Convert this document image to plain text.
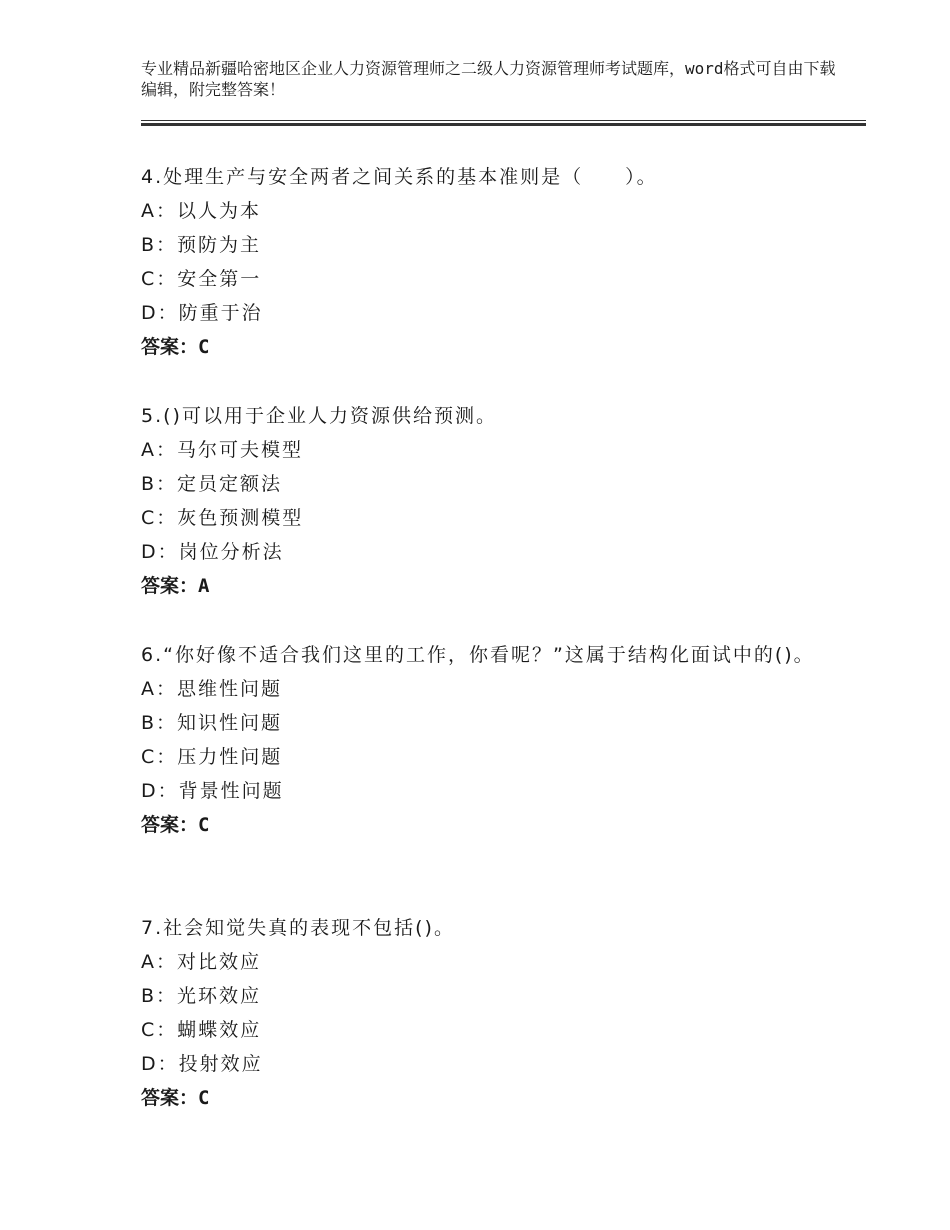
专业精品新疆哈密地区企业人力资源管理师之二级人力资源管理师考试题库，word格式可自由下载编辑，附完整答案！
4.处理生产与安全两者之间关系的基本准则是（　　）。
A：以人为本
B：预防为主
C：安全第一
D：防重于治
答案：C
5.()可以用于企业人力资源供给预测。
A：马尔可夫模型
B：定员定额法
C：灰色预测模型
D：岗位分析法
答案：A
6.“你好像不适合我们这里的工作，你看呢？”这属于结构化面试中的()。
A：思维性问题
B：知识性问题
C：压力性问题
D：背景性问题
答案：C
7.社会知觉失真的表现不包括()。
A：对比效应
B：光环效应
C：蝴蝶效应
D：投射效应
答案：C
